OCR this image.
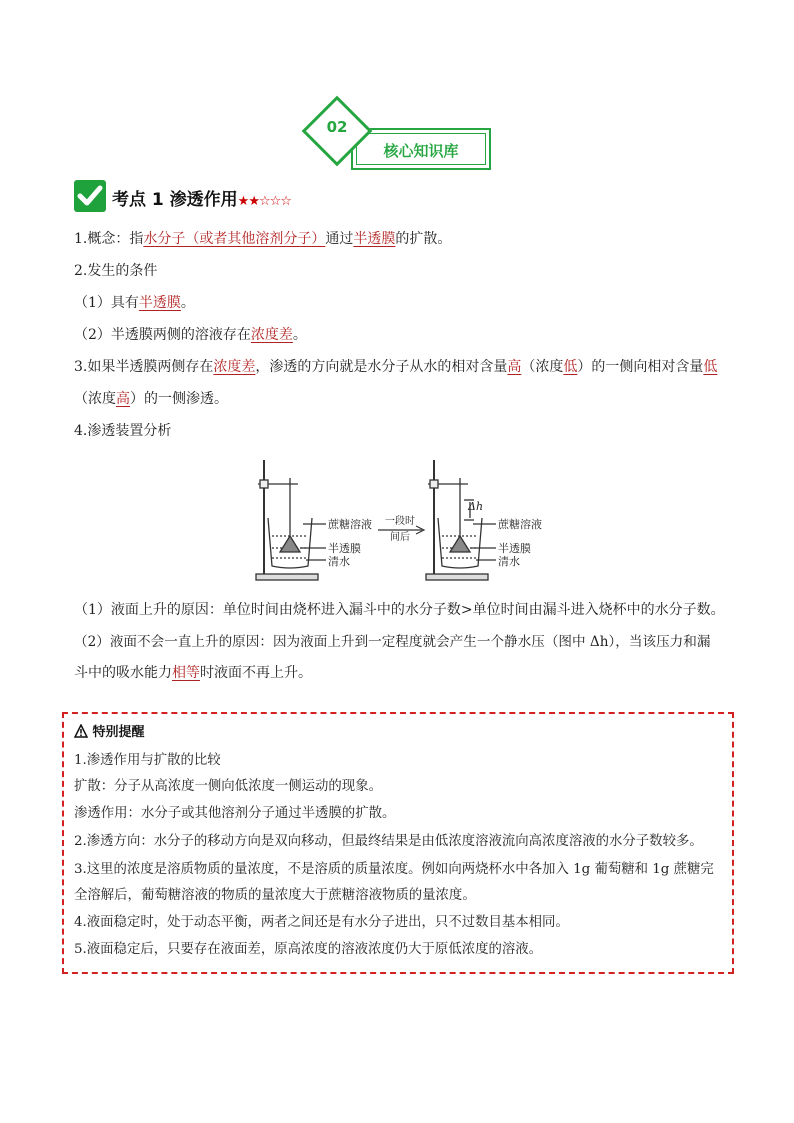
核心知识库
02
考点 1 渗透作用★★☆☆☆
1.概念：指水分子（或者其他溶剂分子）通过半透膜的扩散。
2.发生的条件
（1）具有半透膜。
（2）半透膜两侧的溶液存在浓度差。
3.如果半透膜两侧存在浓度差，渗透的方向就是水分子从水的相对含量高（浓度低）的一侧向相对含量低
（浓度高）的一侧渗透。
4.渗透装置分析
蔗糖溶液
半透膜
清水
一段时
间后
Δh
蔗糖溶液
半透膜
清水
（1）液面上升的原因：单位时间由烧杯进入漏斗中的水分子数>单位时间由漏斗进入烧杯中的水分子数。
（2）液面不会一直上升的原因：因为液面上升到一定程度就会产生一个静水压（图中 Δh），当该压力和漏
斗中的吸水能力相等时液面不再上升。
特别提醒
1.渗透作用与扩散的比较
扩散：分子从高浓度一侧向低浓度一侧运动的现象。
渗透作用：水分子或其他溶剂分子通过半透膜的扩散。
2.渗透方向：水分子的移动方向是双向移动，但最终结果是由低浓度溶液流向高浓度溶液的水分子数较多。
3.这里的浓度是溶质物质的量浓度，不是溶质的质量浓度。例如向两烧杯水中各加入 1g 葡萄糖和 1g 蔗糖完
全溶解后，葡萄糖溶液的物质的量浓度大于蔗糖溶液物质的量浓度。
4.液面稳定时，处于动态平衡，两者之间还是有水分子进出，只不过数目基本相同。
5.液面稳定后，只要存在液面差，原高浓度的溶液浓度仍大于原低浓度的溶液。
